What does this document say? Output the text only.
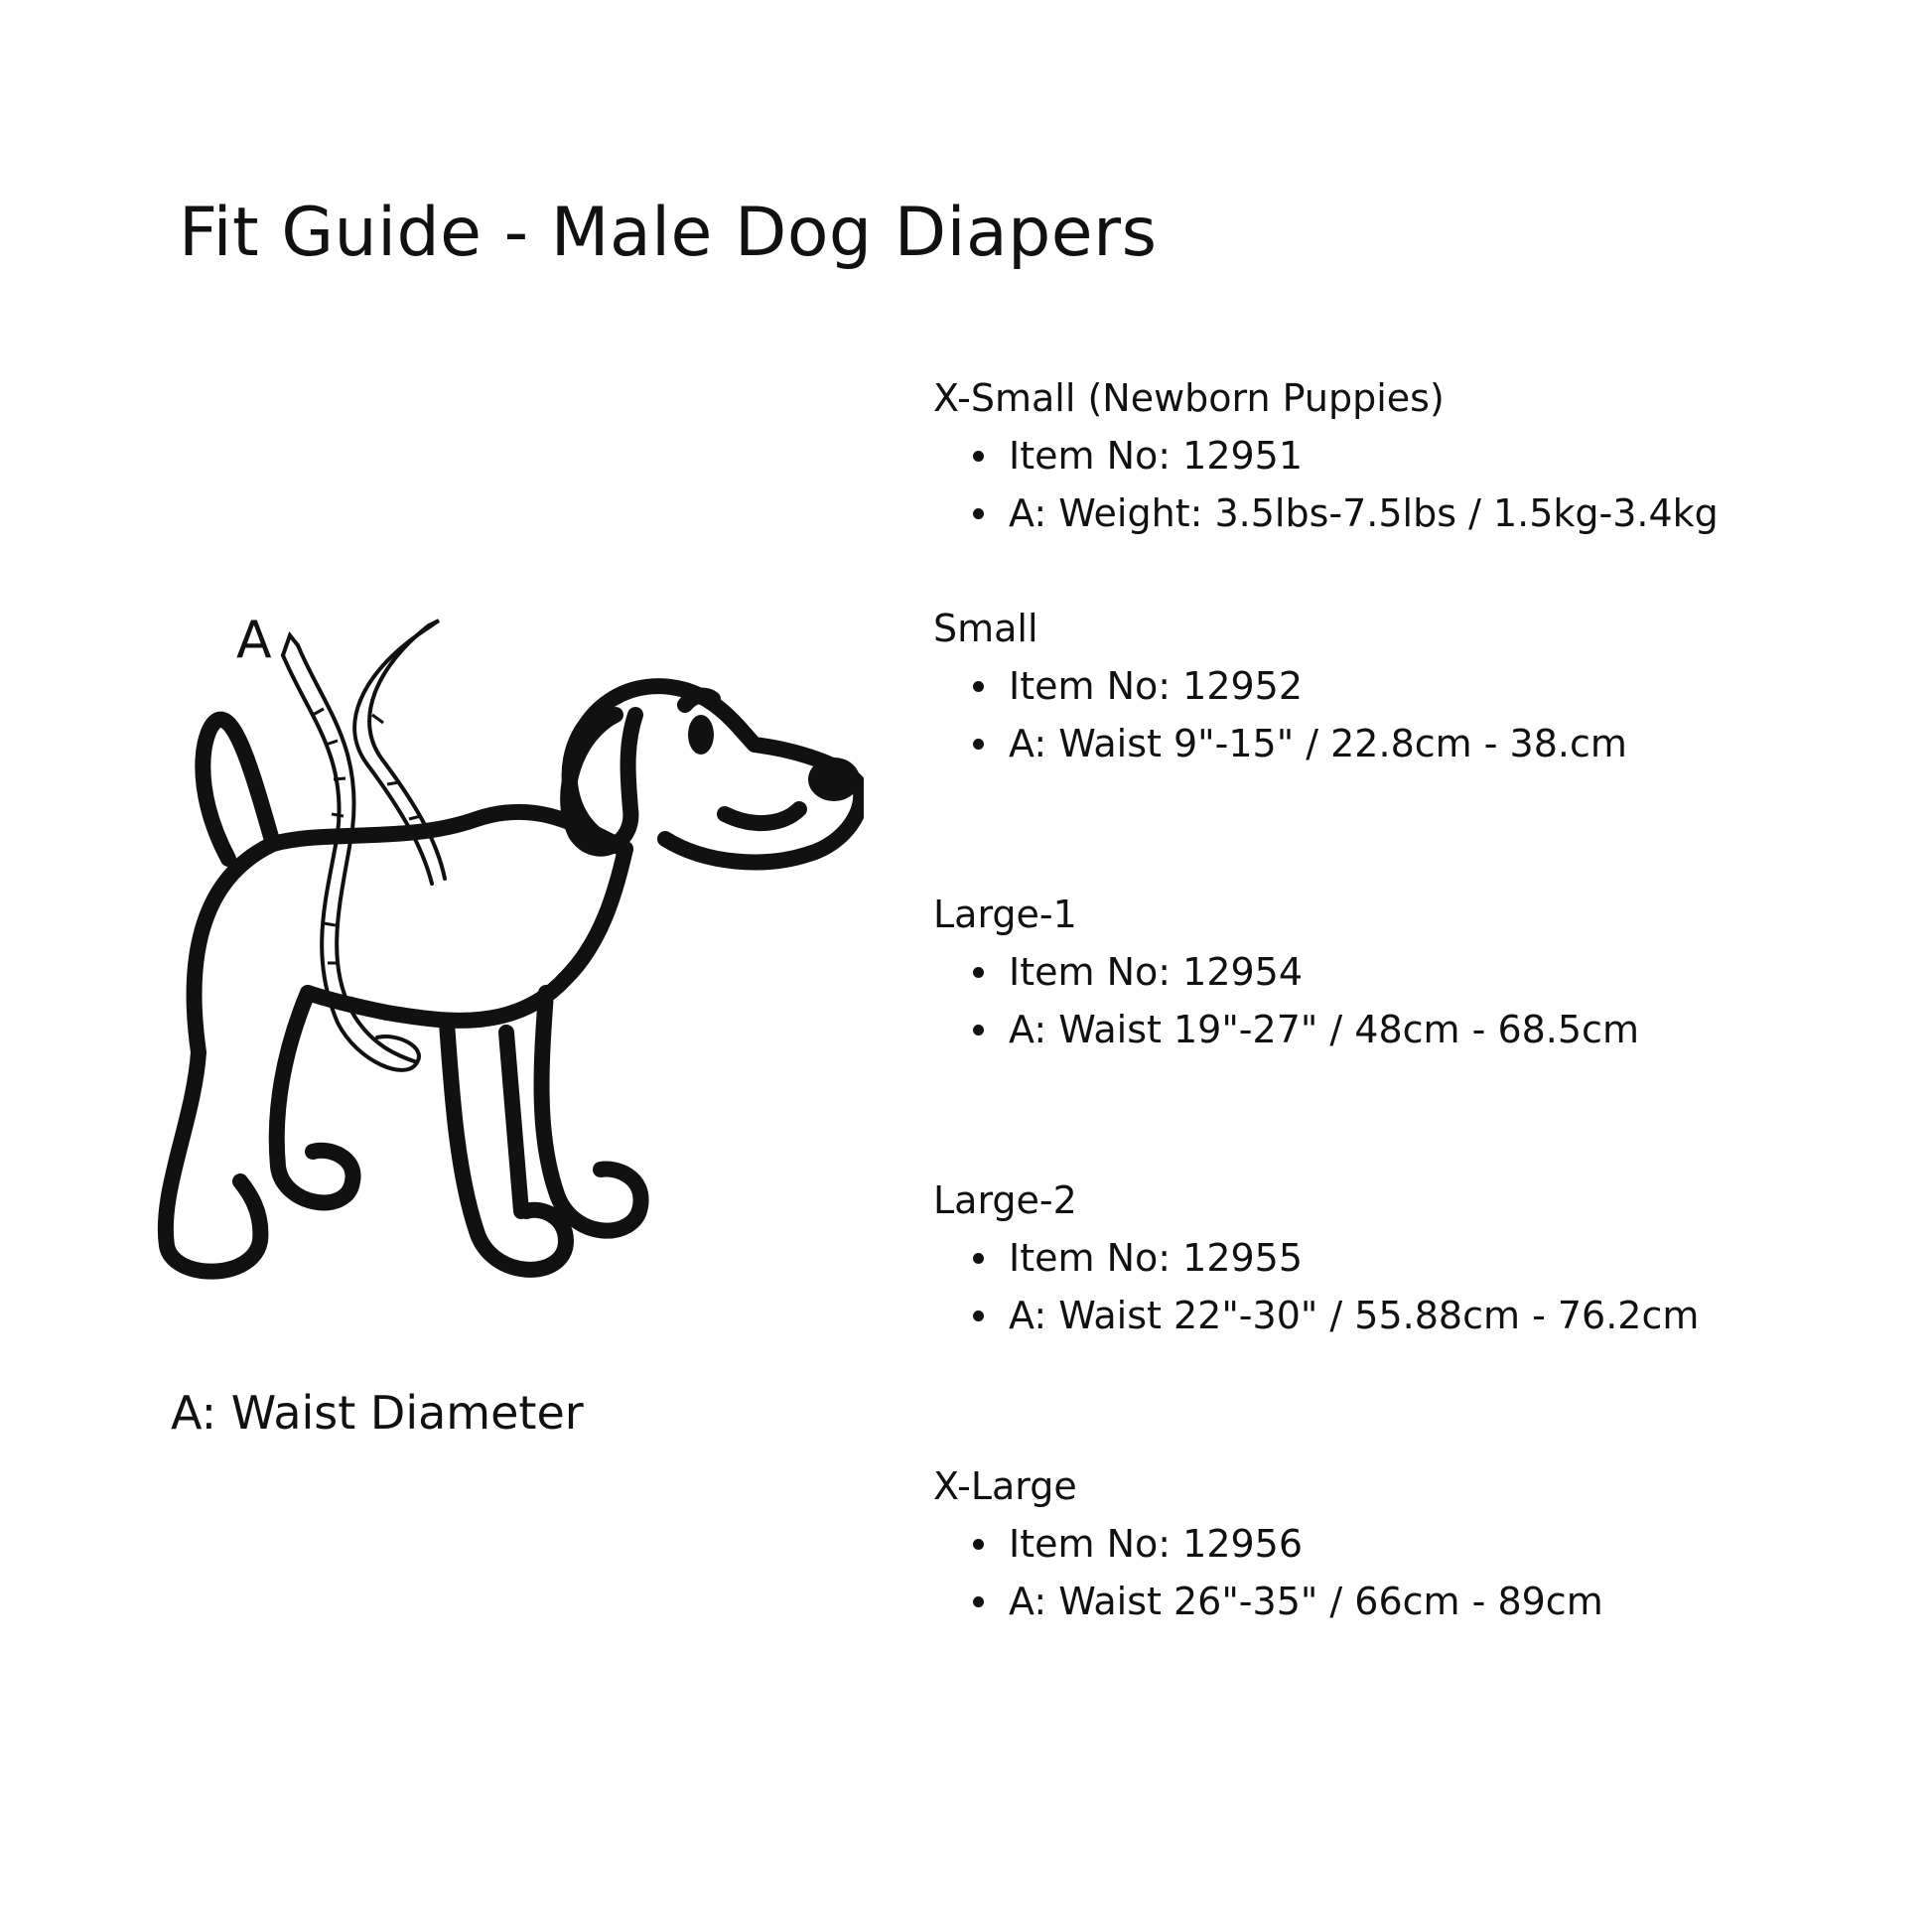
Fit Guide - Male Dog Diapers
A
A: Waist Diameter
X-Small (Newborn Puppies)
Item No: 12951
A: Weight: 3.5lbs-7.5lbs / 1.5kg-3.4kg
Small
Item No: 12952
A: Waist 9"-15" / 22.8cm - 38.cm
Large-1
Item No: 12954
A: Waist 19"-27" / 48cm - 68.5cm
Large-2
Item No: 12955
A: Waist 22"-30" / 55.88cm - 76.2cm
X-Large
Item No: 12956
A: Waist 26"-35" / 66cm - 89cm
